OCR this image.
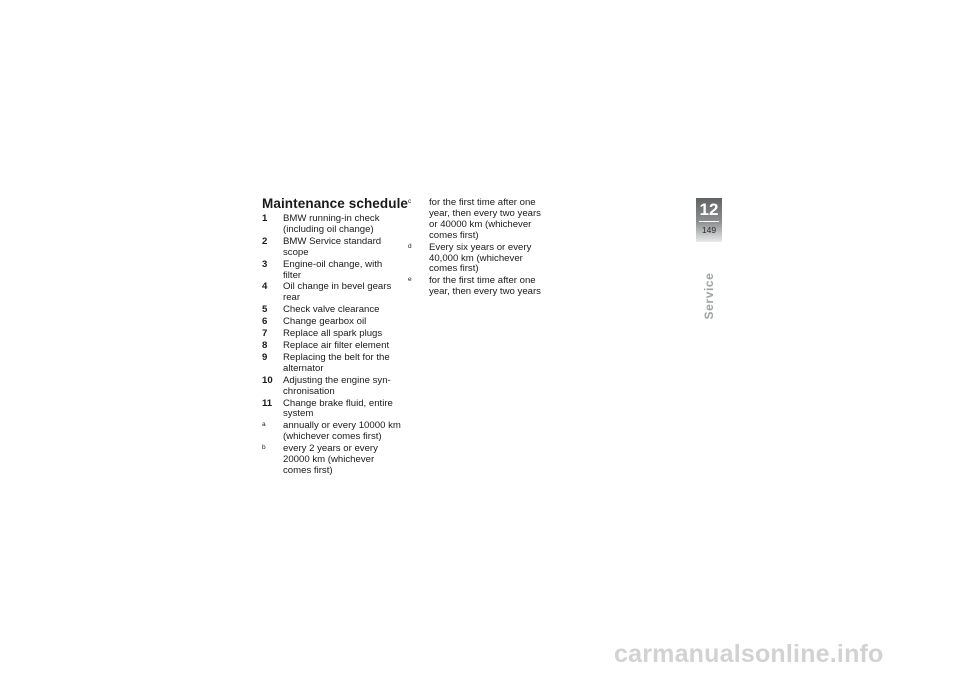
Maintenance schedule
1	BMW running-in check (including oil change)
2	BMW Service standard scope
3	Engine-oil change, with filter
4	Oil change in bevel gears rear
5	Check valve clearance
6	Change gearbox oil
7	Replace all spark plugs
8	Replace air filter element
9	Replacing the belt for the alternator
10	Adjusting the engine syn-chronisation
11	Change brake fluid, entire system
a	annually or every 10000 km (whichever comes first)
b	every 2 years or every 20000 km (whichever comes first)
c	for the first time after one year, then every two years or 40000 km (whichever comes first)
d	Every six years or every 40,000 km (whichever comes first)
e	for the first time after one year, then every two years
12
149
Service
carmanualsonline.info
